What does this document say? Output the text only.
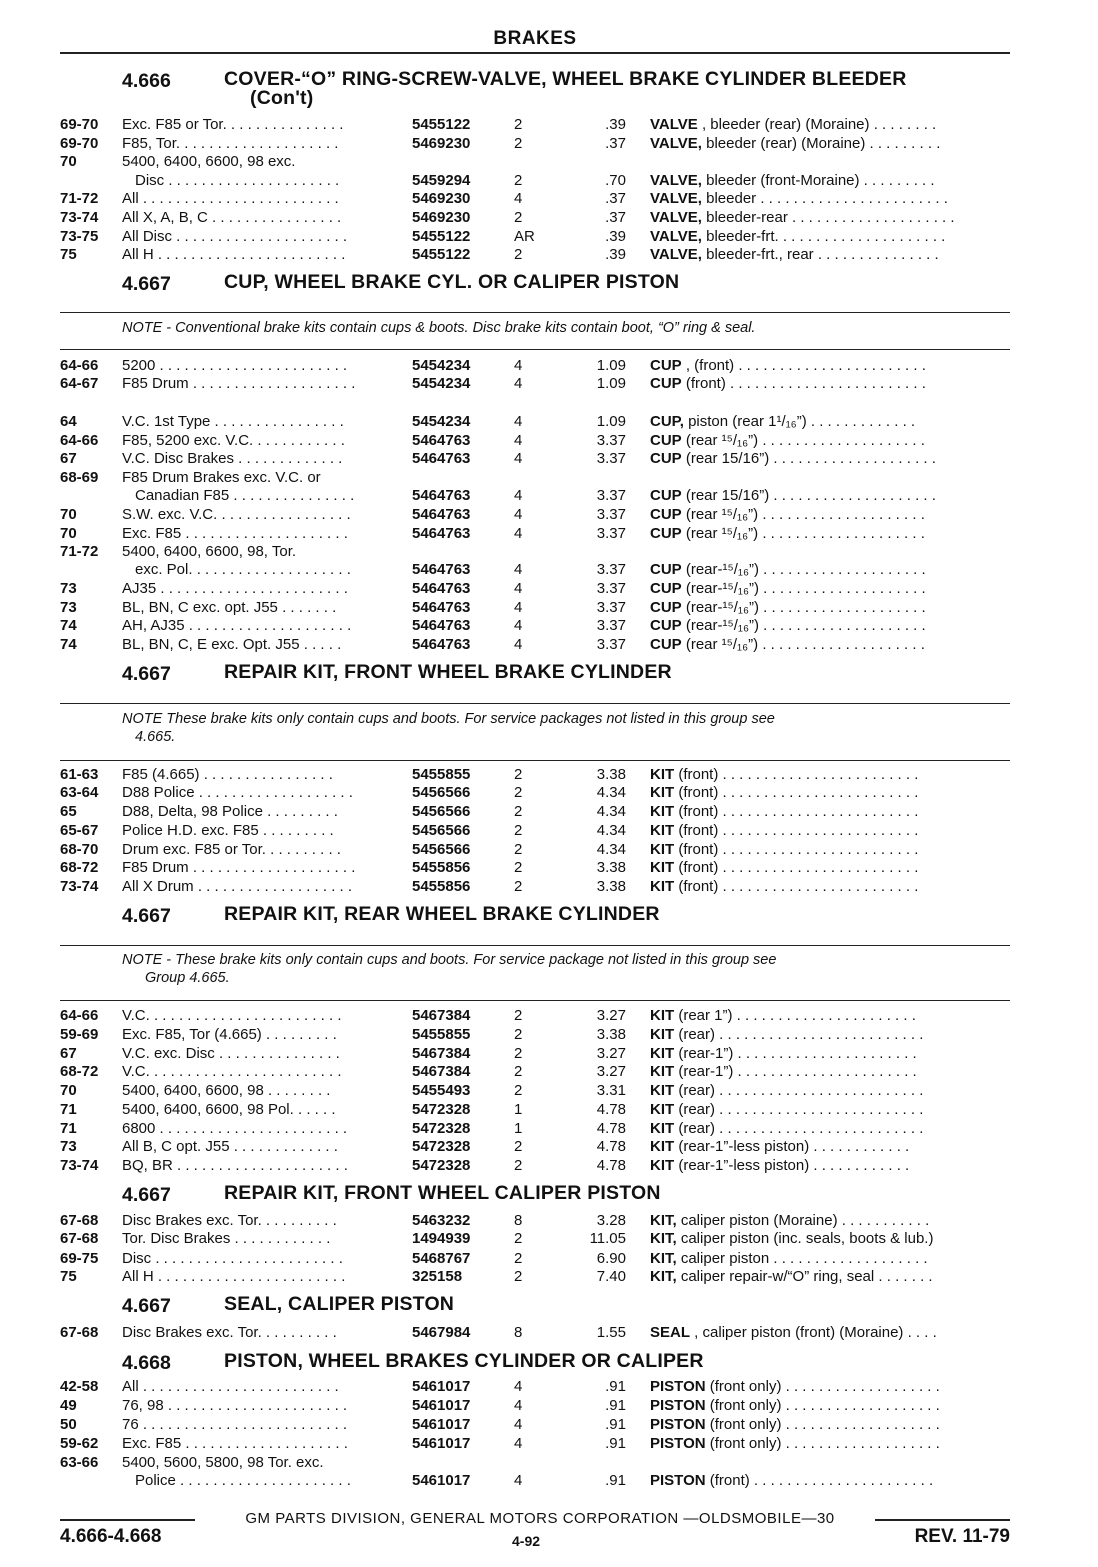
BRAKES
4.666	COVER-“O” RING-SCREW-VALVE, WHEEL BRAKE CYLINDER BLEEDER
(Con't)
4.667	CUP, WHEEL BRAKE CYL. OR CALIPER PISTON
NOTE - Conventional brake kits contain cups & boots. Disc brake kits contain boot, “O” ring & seal.
4.667	REPAIR KIT, FRONT WHEEL BRAKE CYLINDER
NOTE These brake kits only contain cups and boots. For service packages not listed in this group see
4.665.
4.667	REPAIR KIT, REAR WHEEL BRAKE CYLINDER
NOTE - These brake kits only contain cups and boots. For service package not listed in this group see
Group 4.665.
4.667	REPAIR KIT, FRONT WHEEL CALIPER PISTON
4.667	SEAL, CALIPER PISTON
4.668	PISTON, WHEEL BRAKES CYLINDER OR CALIPER
69-70 Exc. F85 or Tor. . . . . . . . . . . . . . .	5455122	2	.39 VALVE , bleeder (rear) (Moraine) . . . . . . . .
69-70 F85, Tor. . . . . . . . . . . . . . . . . . . .	5469230	2	.37 VALVE, bleeder (rear) (Moraine) . . . . . . . . .
70	5400, 6400, 6600, 98 exc.
Disc . . . . . . . . . . . . . . . . . . . . .	5459294	2	.70 VALVE, bleeder (front-Moraine) . . . . . . . . .
71-72 All . . . . . . . . . . . . . . . . . . . . . . . .	5469230	4	.37 VALVE, bleeder . . . . . . . . . . . . . . . . . . . . . . .
73-74 All X, A, B, C . . . . . . . . . . . . . . . .	5469230	2	.37 VALVE, bleeder-rear . . . . . . . . . . . . . . . . . . . .
73-75 All Disc . . . . . . . . . . . . . . . . . . . . .	5455122	AR	.39 VALVE, bleeder-frt. . . . . . . . . . . . . . . . . . . . .
75	All H . . . . . . . . . . . . . . . . . . . . . . .	5455122	2	.39 VALVE, bleeder-frt., rear . . . . . . . . . . . . . . .
64-66 5200 . . . . . . . . . . . . . . . . . . . . . . .	5454234	4	1.09 CUP , (front) . . . . . . . . . . . . . . . . . . . . . . .
64-67 F85 Drum . . . . . . . . . . . . . . . . . . . .	5454234	4	1.09 CUP (front) . . . . . . . . . . . . . . . . . . . . . . . .
64	V.C. 1st Type . . . . . . . . . . . . . . . .	5454234	4	1.09 CUP, piston (rear 1¹/₁₆”) . . . . . . . . . . . . .
64-66 F85, 5200 exc. V.C. . . . . . . . . . . .	5464763	4	3.37 CUP (rear ¹⁵/₁₆”) . . . . . . . . . . . . . . . . . . . .
67	V.C. Disc Brakes . . . . . . . . . . . . .	5464763	4	3.37 CUP (rear 15/16”) . . . . . . . . . . . . . . . . . . . .
68-69 F85 Drum Brakes exc. V.C. or
Canadian F85 . . . . . . . . . . . . . . .	5464763	4	3.37 CUP (rear 15/16”) . . . . . . . . . . . . . . . . . . . .
70	S.W. exc. V.C. . . . . . . . . . . . . . . . .	5464763	4	3.37 CUP (rear ¹⁵/₁₆”) . . . . . . . . . . . . . . . . . . . .
70	Exc. F85 . . . . . . . . . . . . . . . . . . . .	5464763	4	3.37 CUP (rear ¹⁵/₁₆”) . . . . . . . . . . . . . . . . . . . .
71-72 5400, 6400, 6600, 98, Tor.
exc. Pol. . . . . . . . . . . . . . . . . . . .	5464763	4	3.37 CUP (rear-¹⁵/₁₆”) . . . . . . . . . . . . . . . . . . . .
73	AJ35 . . . . . . . . . . . . . . . . . . . . . . .	5464763	4	3.37 CUP (rear-¹⁵/₁₆”) . . . . . . . . . . . . . . . . . . . .
73	BL, BN, C exc. opt. J55 . . . . . . .	5464763	4	3.37 CUP (rear-¹⁵/₁₆”) . . . . . . . . . . . . . . . . . . . .
74	AH, AJ35 . . . . . . . . . . . . . . . . . . . .	5464763	4	3.37 CUP (rear-¹⁵/₁₆”) . . . . . . . . . . . . . . . . . . . .
74	BL, BN, C, E exc. Opt. J55 . . . . .	5464763	4	3.37 CUP (rear ¹⁵/₁₆”) . . . . . . . . . . . . . . . . . . . .
61-63 F85 (4.665) . . . . . . . . . . . . . . . .	5455855	2	3.38 KIT (front) . . . . . . . . . . . . . . . . . . . . . . . .
63-64 D88 Police . . . . . . . . . . . . . . . . . . .	5456566	2	4.34 KIT (front) . . . . . . . . . . . . . . . . . . . . . . . .
65	D88, Delta, 98 Police . . . . . . . . .	5456566	2	4.34 KIT (front) . . . . . . . . . . . . . . . . . . . . . . . .
65-67 Police H.D. exc. F85 . . . . . . . . .	5456566	2	4.34 KIT (front) . . . . . . . . . . . . . . . . . . . . . . . .
68-70 Drum exc. F85 or Tor. . . . . . . . . .	5456566	2	4.34 KIT (front) . . . . . . . . . . . . . . . . . . . . . . . .
68-72 F85 Drum . . . . . . . . . . . . . . . . . . . .	5455856	2	3.38 KIT (front) . . . . . . . . . . . . . . . . . . . . . . . .
73-74 All X Drum . . . . . . . . . . . . . . . . . . .	5455856	2	3.38 KIT (front) . . . . . . . . . . . . . . . . . . . . . . . .
64-66 V.C. . . . . . . . . . . . . . . . . . . . . . . .	5467384	2	3.27 KIT (rear 1”) . . . . . . . . . . . . . . . . . . . . . .
59-69 Exc. F85, Tor (4.665) . . . . . . . . .	5455855	2	3.38 KIT (rear) . . . . . . . . . . . . . . . . . . . . . . . . .
67	V.C. exc. Disc . . . . . . . . . . . . . . .	5467384	2	3.27 KIT (rear-1”) . . . . . . . . . . . . . . . . . . . . . .
68-72 V.C. . . . . . . . . . . . . . . . . . . . . . . .	5467384	2	3.27 KIT (rear-1”) . . . . . . . . . . . . . . . . . . . . . .
70	5400, 6400, 6600, 98 . . . . . . . .	5455493	2	3.31 KIT (rear) . . . . . . . . . . . . . . . . . . . . . . . . .
71	5400, 6400, 6600, 98 Pol. . . . . .	5472328	1	4.78 KIT (rear) . . . . . . . . . . . . . . . . . . . . . . . . .
71	6800 . . . . . . . . . . . . . . . . . . . . . . .	5472328	1	4.78 KIT (rear) . . . . . . . . . . . . . . . . . . . . . . . . .
73	All B, C opt. J55 . . . . . . . . . . . . .	5472328	2	4.78 KIT (rear-1”-less piston) . . . . . . . . . . . .
73-74 BQ, BR . . . . . . . . . . . . . . . . . . . . .	5472328	2	4.78 KIT (rear-1”-less piston) . . . . . . . . . . . .
67-68 Disc Brakes exc. Tor. . . . . . . . . .	5463232	8	3.28 KIT, caliper piston (Moraine) . . . . . . . . . . .
67-68 Tor. Disc Brakes . . . . . . . . . . . .	1494939	2	11.05 KIT, caliper piston (inc. seals, boots & lub.)
69-75 Disc . . . . . . . . . . . . . . . . . . . . . . .	5468767	2	6.90 KIT, caliper piston . . . . . . . . . . . . . . . . . . .
75	All H . . . . . . . . . . . . . . . . . . . . . . .	325158	2	7.40 KIT, caliper repair-w/“O” ring, seal . . . . . . .
67-68 Disc Brakes exc. Tor. . . . . . . . . .	5467984	8	1.55 SEAL , caliper piston (front) (Moraine) . . . .
42-58 All . . . . . . . . . . . . . . . . . . . . . . . .	5461017	4	.91 PISTON (front only) . . . . . . . . . . . . . . . . . . .
49	76, 98 . . . . . . . . . . . . . . . . . . . . . .	5461017	4	.91 PISTON (front only) . . . . . . . . . . . . . . . . . . .
50	76 . . . . . . . . . . . . . . . . . . . . . . . . .	5461017	4	.91 PISTON (front only) . . . . . . . . . . . . . . . . . . .
59-62 Exc. F85 . . . . . . . . . . . . . . . . . . . .	5461017	4	.91 PISTON (front only) . . . . . . . . . . . . . . . . . . .
63-66 5400, 5600, 5800, 98 Tor. exc.
Police . . . . . . . . . . . . . . . . . . . . .	5461017	4	.91 PISTON (front) . . . . . . . . . . . . . . . . . . . . . .
GM PARTS DIVISION, GENERAL MOTORS CORPORATION —OLDSMOBILE—30
4.666-4.668	4-92	REV. 11-79
